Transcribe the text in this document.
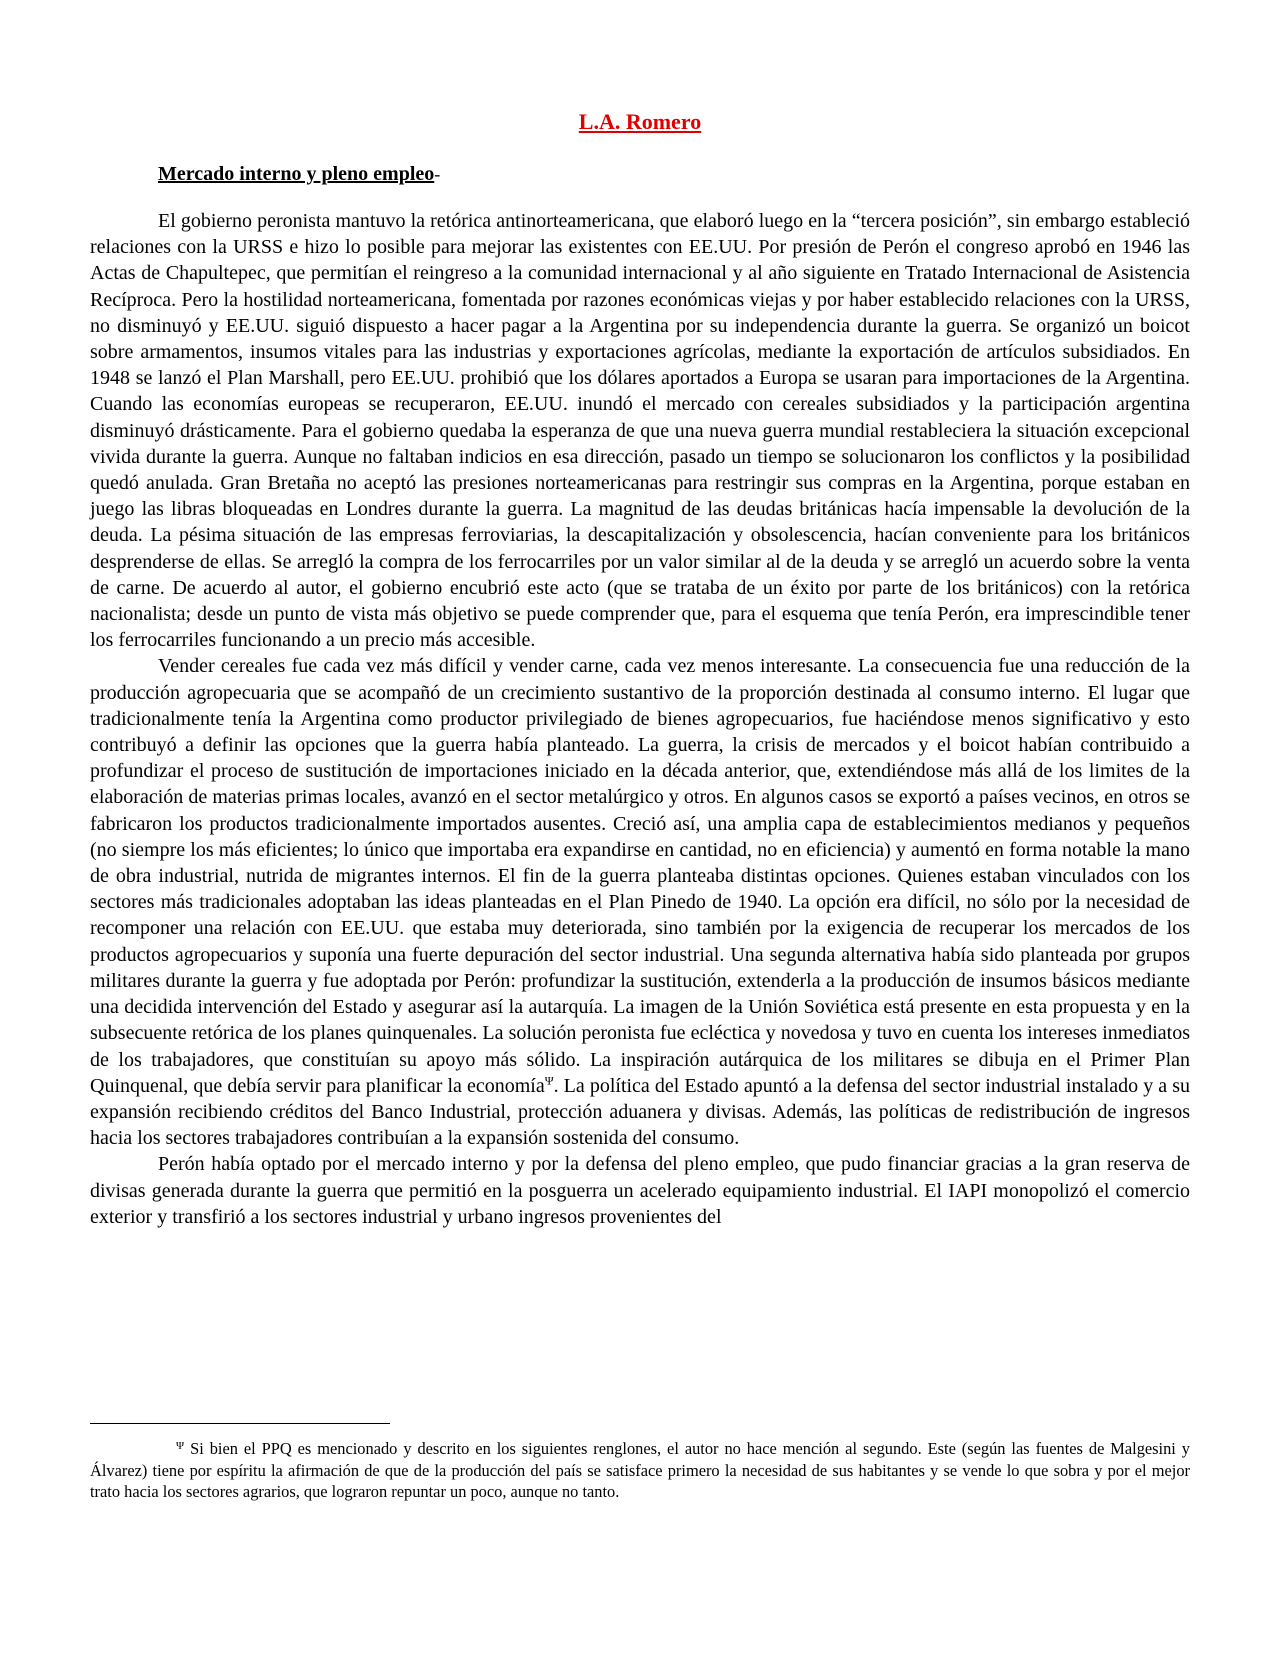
L.A. Romero
Mercado interno y pleno empleo-

El gobierno peronista mantuvo la retórica antinorteamericana, que elaboró luego en la “tercera posición”, sin embargo estableció relaciones con la URSS e hizo lo posible para mejorar las existentes con EE.UU. Por presión de Perón el congreso aprobó en 1946 las Actas de Chapultepec, que permitían el reingreso a la comunidad internacional y al año siguiente en Tratado Internacional de Asistencia Recíproca. Pero la hostilidad norteamericana, fomentada por razones económicas viejas y por haber establecido relaciones con la URSS, no disminuyó y EE.UU. siguió dispuesto a hacer pagar a la Argentina por su independencia durante la guerra. Se organizó un boicot sobre armamentos, insumos vitales para las industrias y exportaciones agrícolas, mediante la exportación de artículos subsidiados. En 1948 se lanzó el Plan Marshall, pero EE.UU. prohibió que los dólares aportados a Europa se usaran para importaciones de la Argentina. Cuando las economías europeas se recuperaron, EE.UU. inundó el mercado con cereales subsidiados y la participación argentina disminuyó drásticamente. Para el gobierno quedaba la esperanza de que una nueva guerra mundial restableciera la situación excepcional vivida durante la guerra. Aunque no faltaban indicios en esa dirección, pasado un tiempo se solucionaron los conflictos y la posibilidad quedó anulada. Gran Bretaña no aceptó las presiones norteamericanas para restringir sus compras en la Argentina, porque estaban en juego las libras bloqueadas en Londres durante la guerra. La magnitud de las deudas británicas hacía impensable la devolución de la deuda. La pésima situación de las empresas ferroviarias, la descapitalización y obsolescencia, hacían conveniente para los británicos desprenderse de ellas. Se arregló la compra de los ferrocarriles por un valor similar al de la deuda y se arregló un acuerdo sobre la venta de carne. De acuerdo al autor, el gobierno encubrió este acto (que se trataba de un éxito por parte de los británicos) con la retórica nacionalista; desde un punto de vista más objetivo se puede comprender que, para el esquema que tenía Perón, era imprescindible tener los ferrocarriles funcionando a un precio más accesible.

Vender cereales fue cada vez más difícil y vender carne, cada vez menos interesante. La consecuencia fue una reducción de la producción agropecuaria que se acompañó de un crecimiento sustantivo de la proporción destinada al consumo interno. El lugar que tradicionalmente tenía la Argentina como productor privilegiado de bienes agropecuarios, fue haciéndose menos significativo y esto contribuyó a definir las opciones que la guerra había planteado. La guerra, la crisis de mercados y el boicot habían contribuido a profundizar el proceso de sustitución de importaciones iniciado en la década anterior, que, extendiéndose más allá de los limites de la elaboración de materias primas locales, avanzó en el sector metalúrgico y otros. En algunos casos se exportó a países vecinos, en otros se fabricaron los productos tradicionalmente importados ausentes. Creció así, una amplia capa de establecimientos medianos y pequeños (no siempre los más eficientes; lo único que importaba era expandirse en cantidad, no en eficiencia) y aumentó en forma notable la mano de obra industrial, nutrida de migrantes internos. El fin de la guerra planteaba distintas opciones. Quienes estaban vinculados con los sectores más tradicionales adoptaban las ideas planteadas en el Plan Pinedo de 1940. La opción era difícil, no sólo por la necesidad de recomponer una relación con EE.UU. que estaba muy deteriorada, sino también por la exigencia de recuperar los mercados de los productos agropecuarios y suponía una fuerte depuración del sector industrial. Una segunda alternativa había sido planteada por grupos militares durante la guerra y fue adoptada por Perón: profundizar la sustitución, extenderla a la producción de insumos básicos mediante una decidida intervención del Estado y asegurar así la autarquía. La imagen de la Unión Soviética está presente en esta propuesta y en la subsecuente retórica de los planes quinquenales. La solución peronista fue ecléctica y novedosa y tuvo en cuenta los intereses inmediatos de los trabajadores, que constituían su apoyo más sólido. La inspiración autárquica de los militares se dibuja en el Primer Plan Quinquenal, que debía servir para planificar la economía$^\Psi$. La política del Estado apuntó a la defensa del sector industrial instalado y a su expansión recibiendo créditos del Banco Industrial, protección aduanera y divisas. Además, las políticas de redistribución de ingresos hacia los sectores trabajadores contribuían a la expansión sostenida del consumo.

Perón había optado por el mercado interno y por la defensa del pleno empleo, que pudo financiar gracias a la gran reserva de divisas generada durante la guerra que permitió en la posguerra un acelerado equipamiento industrial. El IAPI monopolizó el comercio exterior y transfirió a los sectores industrial y urbano ingresos provenientes del

$^\Psi$ Si bien el PPQ es mencionado y descrito en los siguientes renglones, el autor no hace mención al segundo. Este (según las fuentes de Malgesini y Álvarez) tiene por espíritu la afirmación de que de la producción del país se satisface primero la necesidad de sus habitantes y se vende lo que sobra y por el mejor trato hacia los sectores agrarios, que lograron repuntar un poco, aunque no tanto.
